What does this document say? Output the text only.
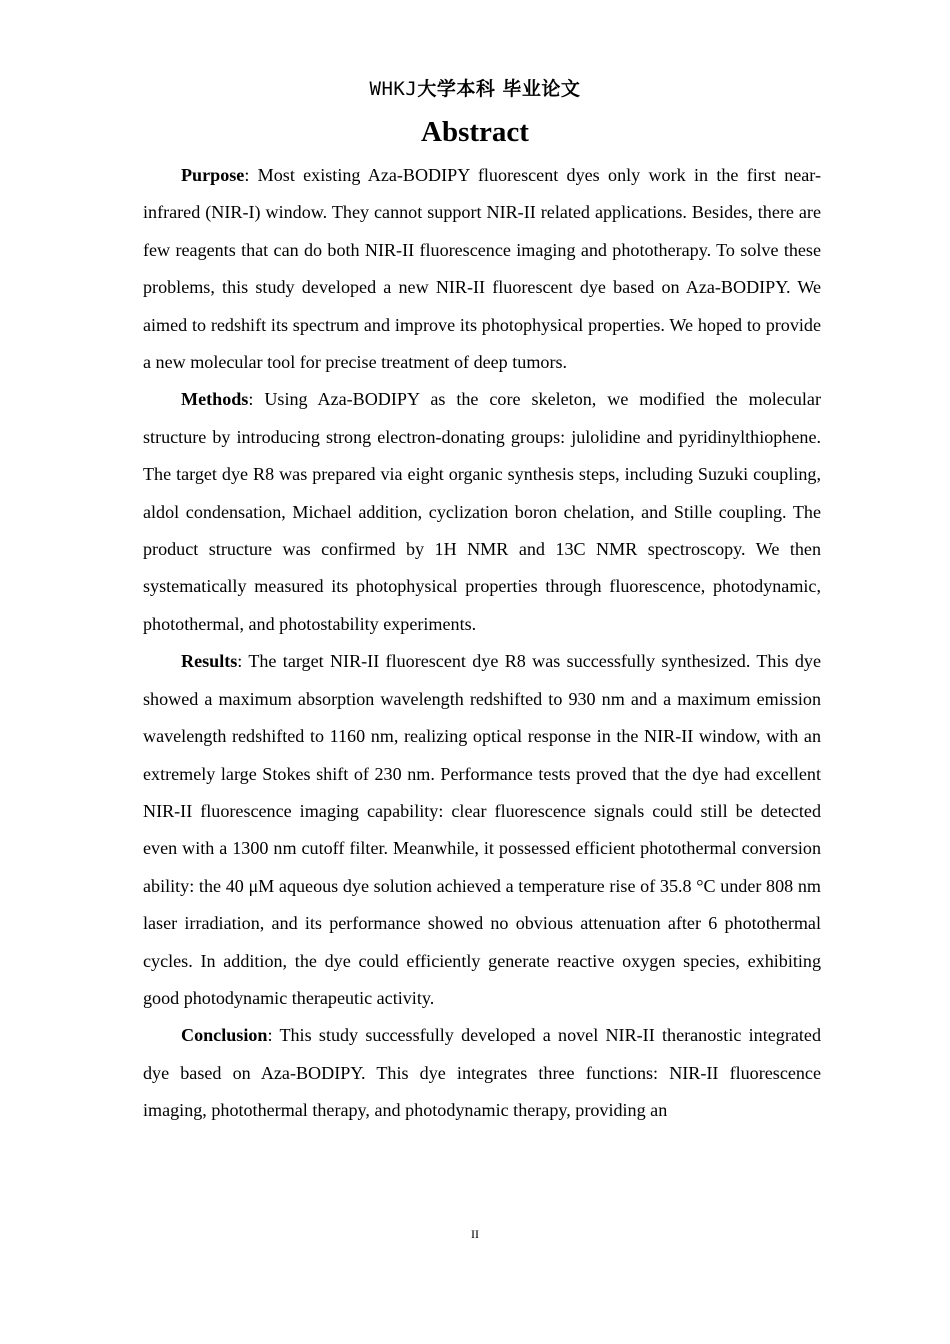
WHKJ大学本科 毕业论文
Abstract

Purpose: Most existing Aza-BODIPY fluorescent dyes only work in the first near-infrared (NIR-I) window. They cannot support NIR-II related applications. Besides, there are few reagents that can do both NIR-II fluorescence imaging and phototherapy. To solve these problems, this study developed a new NIR-II fluorescent dye based on Aza-BODIPY. We aimed to redshift its spectrum and improve its photophysical properties. We hoped to provide a new molecular tool for precise treatment of deep tumors.

Methods: Using Aza-BODIPY as the core skeleton, we modified the molecular structure by introducing strong electron-donating groups: julolidine and pyridinylthiophene. The target dye R8 was prepared via eight organic synthesis steps, including Suzuki coupling, aldol condensation, Michael addition, cyclization boron chelation, and Stille coupling. The product structure was confirmed by 1H NMR and 13C NMR spectroscopy. We then systematically measured its photophysical properties through fluorescence, photodynamic, photothermal, and photostability experiments.

Results: The target NIR-II fluorescent dye R8 was successfully synthesized. This dye showed a maximum absorption wavelength redshifted to 930 nm and a maximum emission wavelength redshifted to 1160 nm, realizing optical response in the NIR-II window, with an extremely large Stokes shift of 230 nm. Performance tests proved that the dye had excellent NIR-II fluorescence imaging capability: clear fluorescence signals could still be detected even with a 1300 nm cutoff filter. Meanwhile, it possessed efficient photothermal conversion ability: the 40 μM aqueous dye solution achieved a temperature rise of 35.8 °C under 808 nm laser irradiation, and its performance showed no obvious attenuation after 6 photothermal cycles. In addition, the dye could efficiently generate reactive oxygen species, exhibiting good photodynamic therapeutic activity.

Conclusion: This study successfully developed a novel NIR-II theranostic integrated dye based on Aza-BODIPY. This dye integrates three functions: NIR-II fluorescence imaging, photothermal therapy, and photodynamic therapy, providing an

II
